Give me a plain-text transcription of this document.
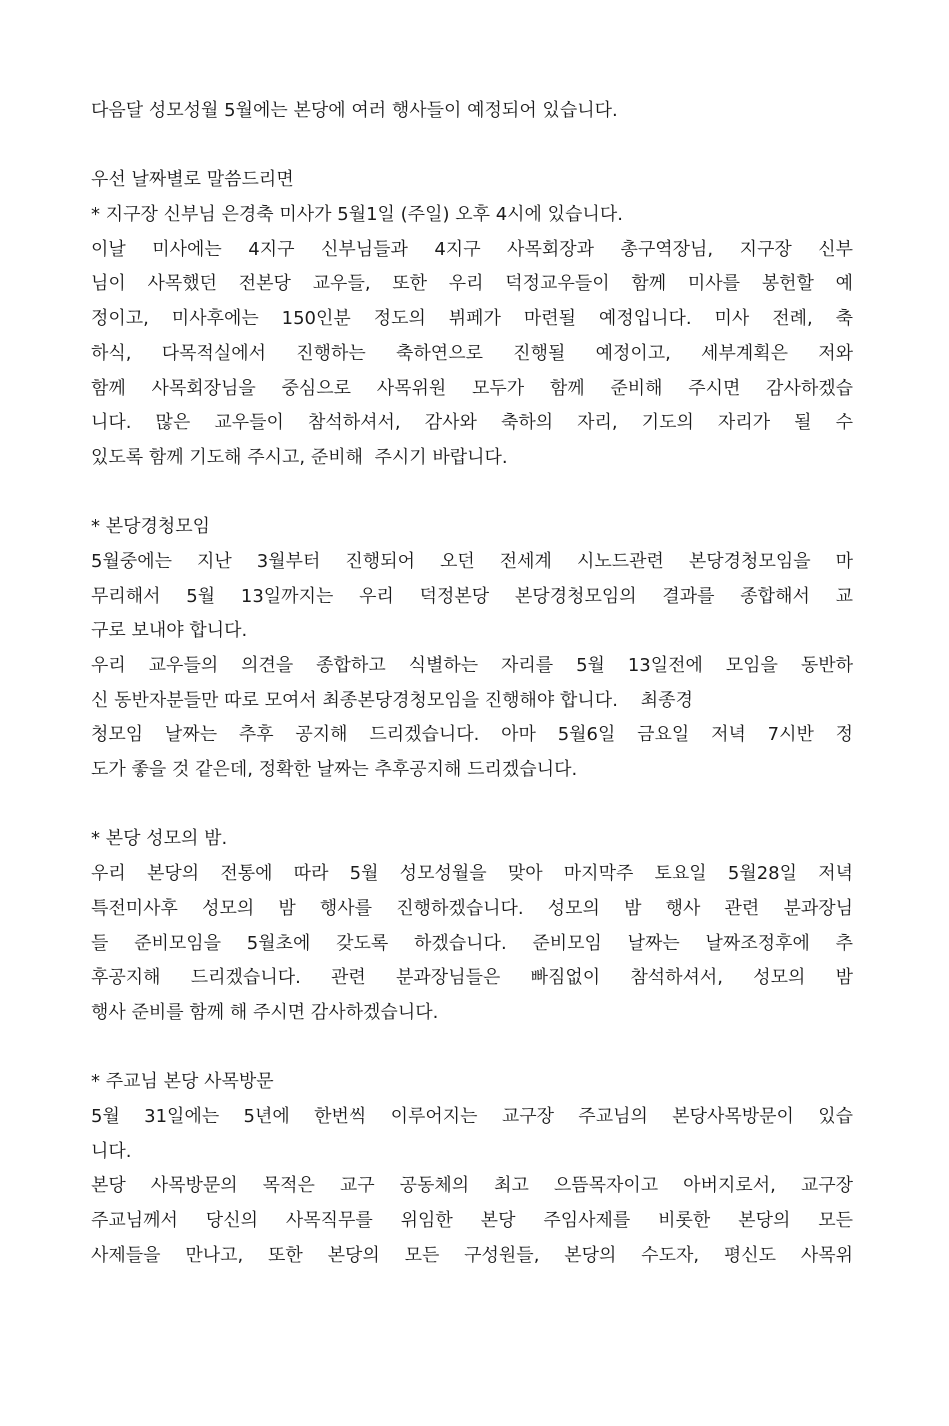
다음달 성모성월 5월에는 본당에 여러 행사들이 예정되어 있습니다.
우선 날짜별로 말씀드리면
* 지구장 신부님 은경축 미사가 5월1일 (주일) 오후 4시에 있습니다.
이날 미사에는 4지구 신부님들과 4지구 사목회장과 총구역장님, 지구장 신부
님이 사목했던 전본당 교우들, 또한 우리 덕정교우들이 함께 미사를 봉헌할 예
정이고, 미사후에는 150인분 정도의 뷔페가 마련될 예정입니다. 미사 전례, 축
하식, 다목적실에서 진행하는 축하연으로 진행될 예정이고, 세부계획은 저와
함께 사목회장님을 중심으로 사목위원 모두가 함께 준비해 주시면 감사하겠습
니다. 많은 교우들이 참석하셔서, 감사와 축하의 자리, 기도의 자리가 될 수
있도록 함께 기도해 주시고, 준비해  주시기 바랍니다.
* 본당경청모임
5월중에는 지난 3월부터 진행되어 오던 전세계 시노드관련 본당경청모임을 마
무리해서 5월 13일까지는 우리 덕정본당 본당경청모임의 결과를 종합해서 교
구로 보내야 합니다.
우리 교우들의 의견을 종합하고 식별하는 자리를 5월 13일전에 모임을 동반하
신 동반자분들만 따로 모여서 최종본당경청모임을 진행해야 합니다.    최종경
청모임 날짜는 추후 공지해 드리겠습니다. 아마 5월6일 금요일 저녁 7시반 정
도가 좋을 것 같은데, 정확한 날짜는 추후공지해 드리겠습니다.
* 본당 성모의 밤.
우리 본당의 전통에 따라 5월 성모성월을 맞아 마지막주 토요일 5월28일 저녁
특전미사후 성모의 밤 행사를 진행하겠습니다. 성모의 밤 행사 관련 분과장님
들 준비모임을 5월초에 갖도록 하겠습니다. 준비모임 날짜는 날짜조정후에 추
후공지해 드리겠습니다. 관련 분과장님들은 빠짐없이 참석하셔서, 성모의 밤
행사 준비를 함께 해 주시면 감사하겠습니다.
* 주교님 본당 사목방문
5월 31일에는 5년에 한번씩 이루어지는 교구장 주교님의 본당사목방문이 있습
니다.
본당 사목방문의 목적은 교구 공동체의 최고 으뜸목자이고 아버지로서, 교구장
주교님께서 당신의 사목직무를 위임한 본당 주임사제를 비롯한 본당의 모든
사제들을 만나고, 또한 본당의 모든 구성원들, 본당의 수도자, 평신도 사목위
